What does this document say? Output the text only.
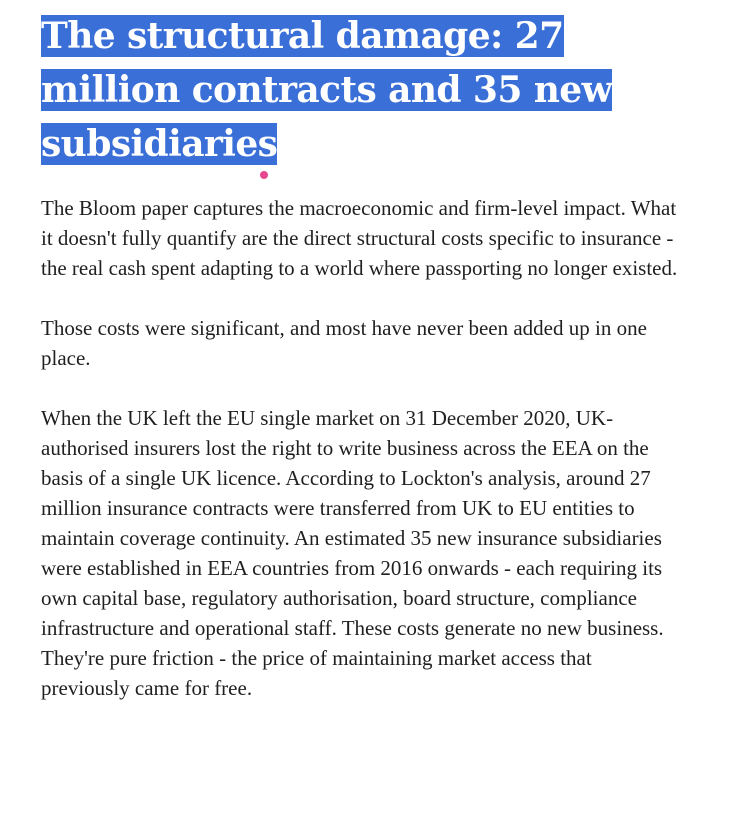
The structural damage: 27 million contracts and 35 new subsidiaries

The Bloom paper captures the macroeconomic and firm-level impact. What it doesn't fully quantify are the direct structural costs specific to insurance - the real cash spent adapting to a world where passporting no longer existed.

Those costs were significant, and most have never been added up in one place.

When the UK left the EU single market on 31 December 2020, UK-authorised insurers lost the right to write business across the EEA on the basis of a single UK licence. According to Lockton's analysis, around 27 million insurance contracts were transferred from UK to EU entities to maintain coverage continuity. An estimated 35 new insurance subsidiaries were established in EEA countries from 2016 onwards - each requiring its own capital base, regulatory authorisation, board structure, compliance infrastructure and operational staff. These costs generate no new business. They're pure friction - the price of maintaining market access that previously came for free.
